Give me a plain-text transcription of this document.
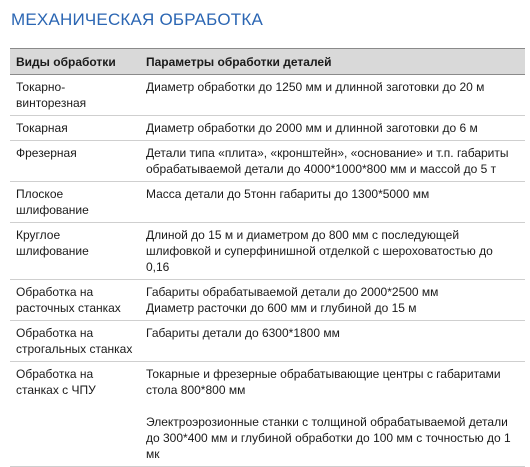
МЕХАНИЧЕСКАЯ ОБРАБОТКА
Виды обработки	Параметры обработки деталей

Токарно-
винторезная	Диаметр обработки до 1250 мм и длинной заготовки до 20 м

Токарная	Диаметр обработки до 2000 мм и длинной заготовки до 6 м

Фрезерная	Детали типа «плита», «кронштейн», «основание» и т.п. габариты
обрабатываемой детали до 4000*1000*800 мм и массой до 5 т

Плоское
шлифование	Масса детали до 5тонн габариты до 1300*5000 мм

Круглое шлифование	Длиной до 15 м и диаметром до 800 мм с последующей
шлифовкой и суперфинишной отделкой с шероховатостью до 0,16

Обработка на
расточных станках	Габариты обрабатываемой детали до 2000*2500 мм
Диаметр расточки до 600 мм и глубиной до 15 м

Обработка на
строгальных станках	Габариты детали до 6300*1800 мм

Обработка на
станках с ЧПУ	Токарные и фрезерные обрабатывающие центры с габаритами
стола 800*800 мм
Электроэрозионные станки с толщиной обрабатываемой детали
до 300*400 мм и глубиной обработки до 100 мм с точностью до 1
мк
